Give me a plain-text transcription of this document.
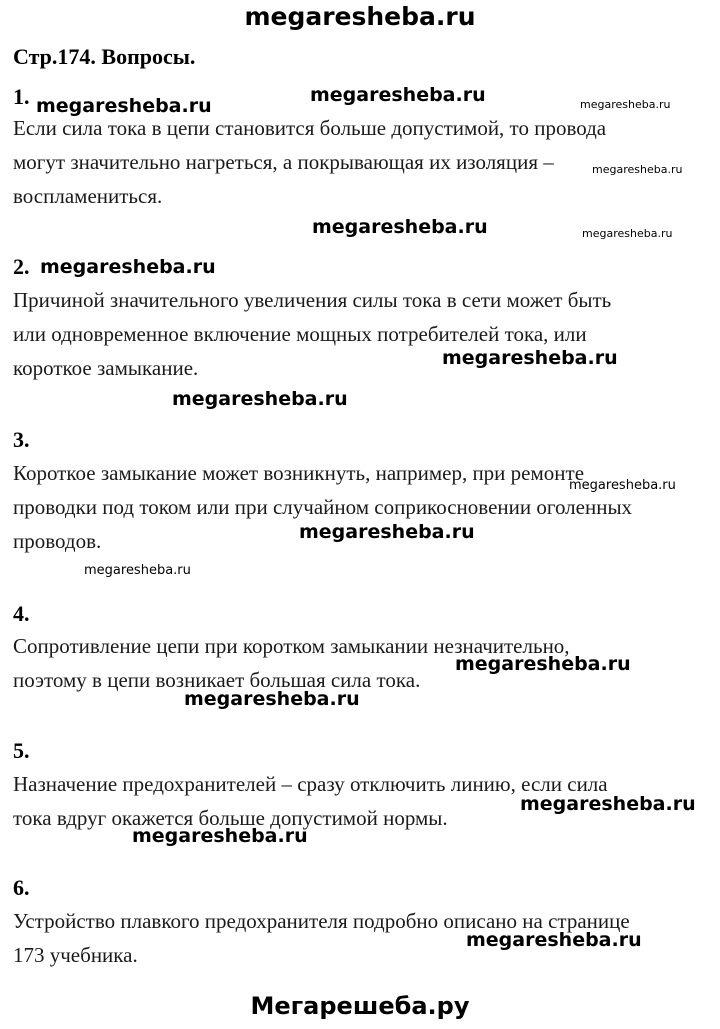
megaresheba.ru
Стр.174. Вопросы.
1.
Если сила тока в цепи становится больше допустимой, то провода
могут значительно нагреться, а покрывающая их изоляция –
воспламениться.
2.
Причиной значительного увеличения силы тока в сети может быть
или одновременное включение мощных потребителей тока, или
короткое замыкание.
3.
Короткое замыкание может возникнуть, например, при ремонте
проводки под током или при случайном соприкосновении оголенных
проводов.
4.
Сопротивление цепи при коротком замыкании незначительно,
поэтому в цепи возникает большая сила тока.
5.
Назначение предохранителей – сразу отключить линию, если сила
тока вдруг окажется больше допустимой нормы.
6.
Устройство плавкого предохранителя подробно описано на странице
173 учебника.
megaresheba.ru	megaresheba.ru	megaresheba.ru
megaresheba.ru
megaresheba.ru	megaresheba.ru
megaresheba.ru
megaresheba.ru
megaresheba.ru
megaresheba.ru
megaresheba.ru
megaresheba.ru
megaresheba.ru
megaresheba.ru
megaresheba.ru
megaresheba.ru
megaresheba.ru
Мегарешеба.ру
